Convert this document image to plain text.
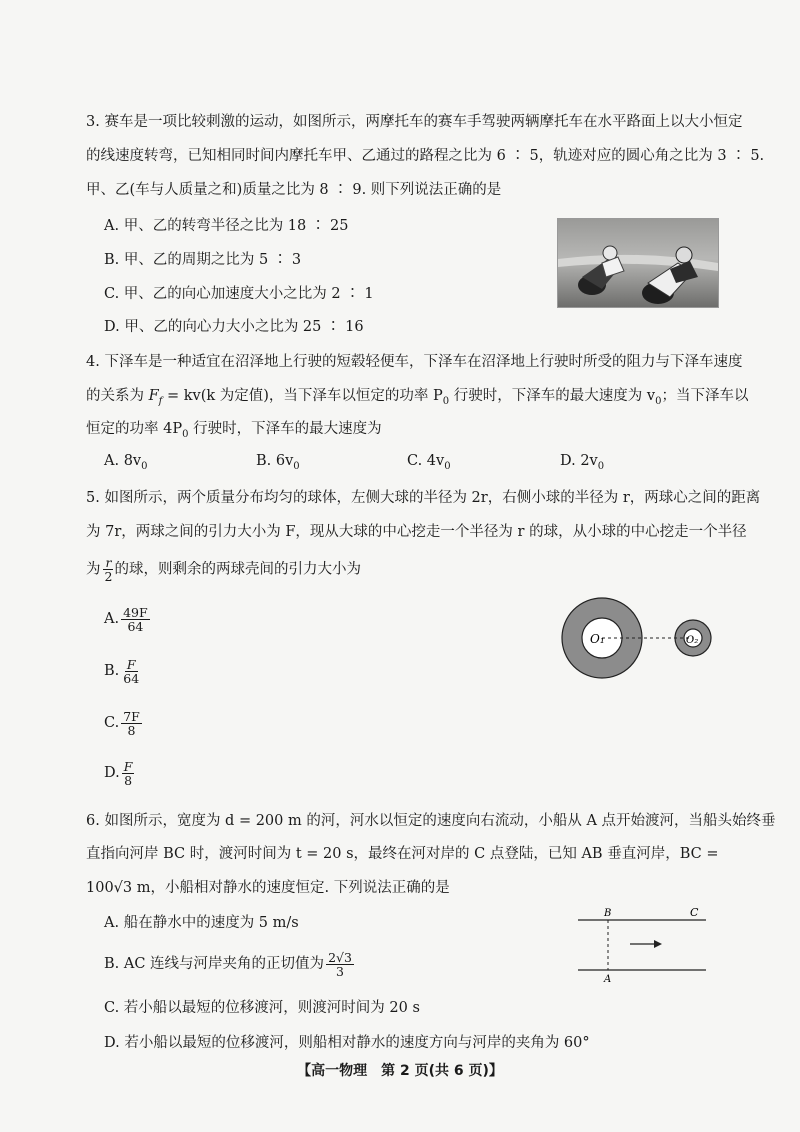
3. 赛车是一项比较刺激的运动，如图所示，两摩托车的赛车手驾驶两辆摩托车在水平路面上以大小恒定
的线速度转弯，已知相同时间内摩托车甲、乙通过的路程之比为 6 ∶ 5，轨迹对应的圆心角之比为 3 ∶ 5.
甲、乙(车与人质量之和)质量之比为 8 ∶ 9. 则下列说法正确的是
A. 甲、乙的转弯半径之比为 18 ∶ 25
B. 甲、乙的周期之比为 5 ∶ 3
C. 甲、乙的向心加速度大小之比为 2 ∶ 1
D. 甲、乙的向心力大小之比为 25 ∶ 16
4. 下泽车是一种适宜在沼泽地上行驶的短毂轻便车，下泽车在沼泽地上行驶时所受的阻力与下泽车速度
的关系为 $F_f = kv(k$ 为定值)，当下泽车以恒定的功率 $P_0$ 行驶时，下泽车的最大速度为 $v_0$；当下泽车以
恒定的功率 $4P_0$ 行驶时，下泽车的最大速度为
A. $8v_0$	B. $6v_0$	C. $4v_0$	D. $2v_0$
5. 如图所示，两个质量分布均匀的球体，左侧大球的半径为 2r，右侧小球的半径为 r，两球心之间的距离
为 7r，两球之间的引力大小为 F，现从大球的中心挖走一个半径为 r 的球，从小球的中心挖走一个半径
为 $\frac{r}{2}$ 的球，则剩余的两球壳间的引力大小为
A. $\frac{49F}{64}$
B. $\frac{F}{64}$
C. $\frac{7F}{8}$
D. $\frac{F}{8}$
O₁	O₂
6. 如图所示，宽度为 d = 200 m 的河，河水以恒定的速度向右流动，小船从 A 点开始渡河，当船头始终垂
直指向河岸 BC 时，渡河时间为 t = 20 s，最终在河对岸的 C 点登陆，已知 AB 垂直河岸，BC =
100√3 m，小船相对静水的速度恒定. 下列说法正确的是
A. 船在静水中的速度为 5 m/s
B. AC 连线与河岸夹角的正切值为 $\frac{2√3}{3}$
C. 若小船以最短的位移渡河，则渡河时间为 20 s
D. 若小船以最短的位移渡河，则船相对静水的速度方向与河岸的夹角为 60°
B	C
A
【高一物理　第 2 页(共 6 页)】
